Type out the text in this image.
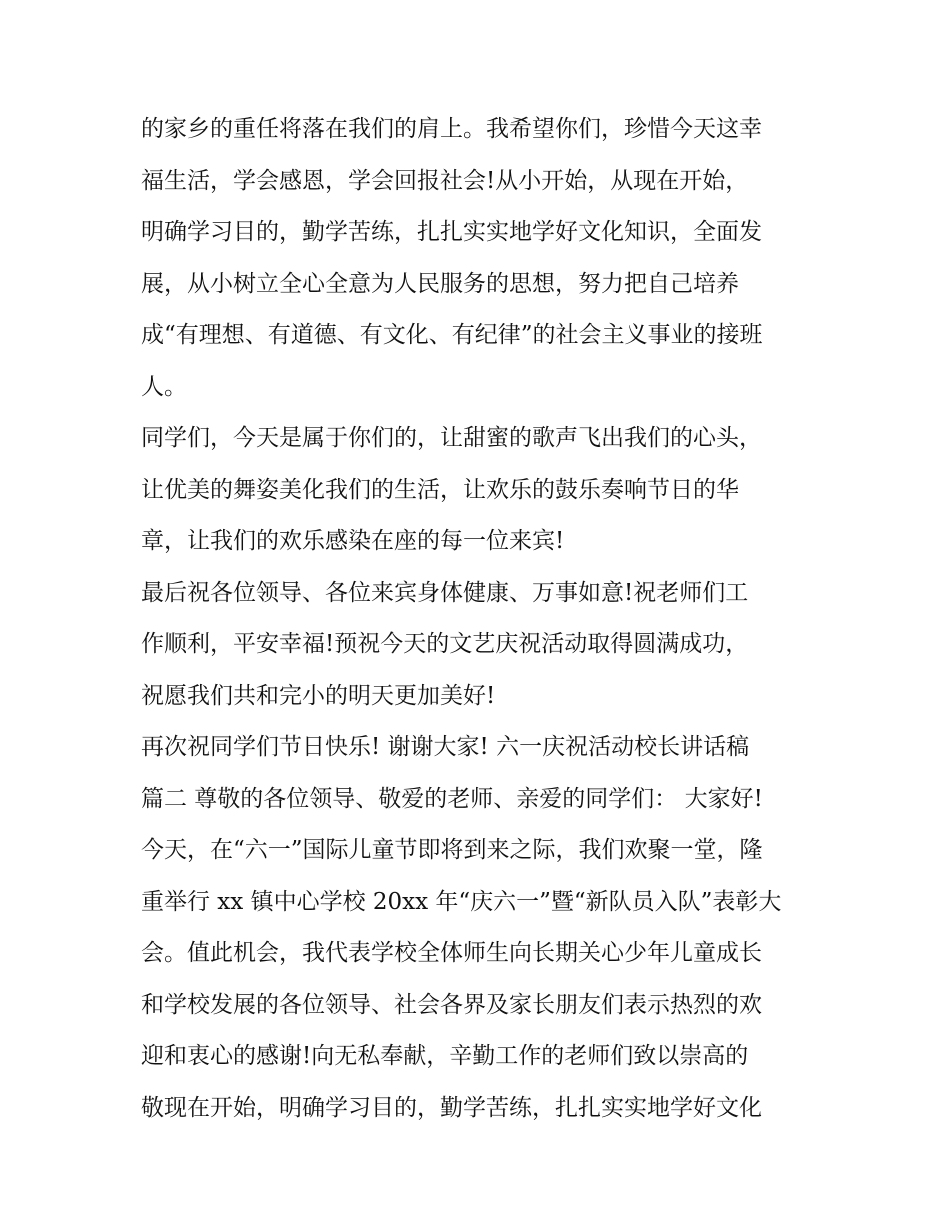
的家乡的重任将落在我们的肩上。我希望你们，珍惜今天这幸
福生活，学会感恩，学会回报社会!从小开始，从现在开始，
明确学习目的，勤学苦练，扎扎实实地学好文化知识，全面发
展，从小树立全心全意为人民服务的思想，努力把自己培养
成“有理想、有道德、有文化、有纪律”的社会主义事业的接班
人。
同学们，今天是属于你们的，让甜蜜的歌声飞出我们的心头，
让优美的舞姿美化我们的生活，让欢乐的鼓乐奏响节日的华
章，让我们的欢乐感染在座的每一位来宾!
最后祝各位领导、各位来宾身体健康、万事如意!祝老师们工
作顺利，平安幸福!预祝今天的文艺庆祝活动取得圆满成功，
祝愿我们共和完小的明天更加美好!
再次祝同学们节日快乐! 谢谢大家! 六一庆祝活动校长讲话稿
篇二 尊敬的各位领导、敬爱的老师、亲爱的同学们： 大家好!
今天，在“六一”国际儿童节即将到来之际，我们欢聚一堂，隆
重举行 xx 镇中心学校 20xx 年“庆六一”暨“新队员入队”表彰大
会。值此机会，我代表学校全体师生向长期关心少年儿童成长
和学校发展的各位领导、社会各界及家长朋友们表示热烈的欢
迎和衷心的感谢!向无私奉献，辛勤工作的老师们致以崇高的
敬现在开始，明确学习目的，勤学苦练，扎扎实实地学好文化
